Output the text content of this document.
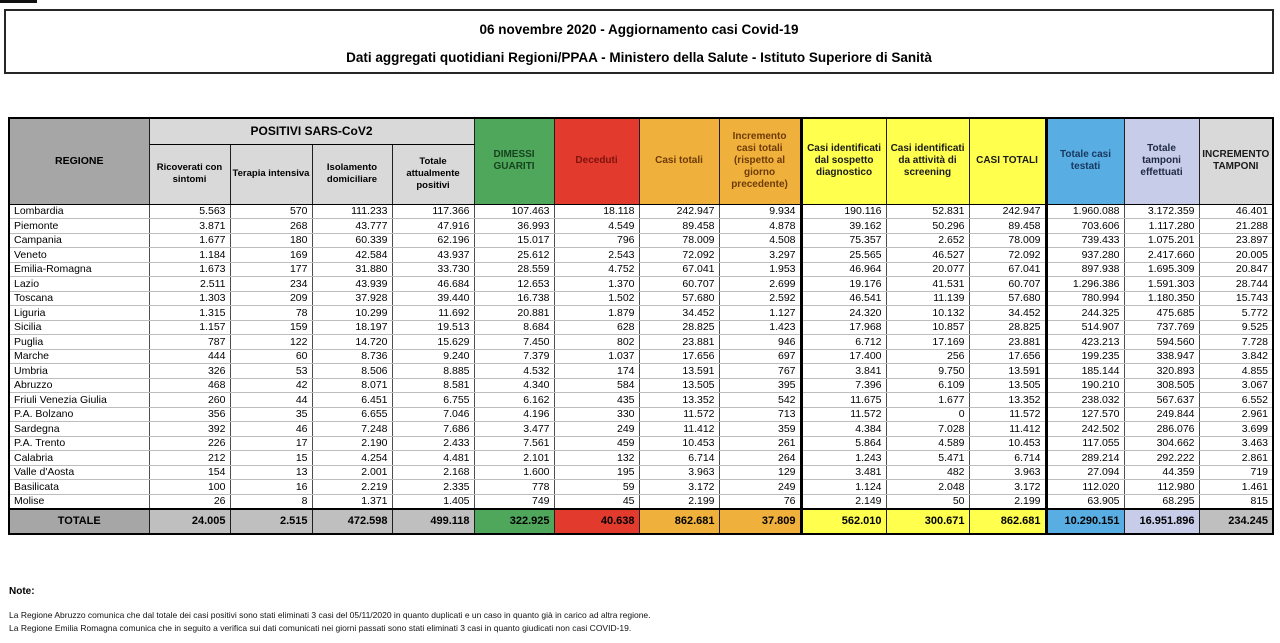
06 novembre 2020 - Aggiornamento casi Covid-19
Dati aggregati quotidiani Regioni/PPAA - Ministero della Salute - Istituto Superiore di Sanità
REGIONE	POSITIVI SARS-CoV2				DIMESSI GUARITI	Deceduti	Casi totali	Incremento casi totali (rispetto al giorno precedente)	Casi identificati dal sospetto diagnostico	Casi identificati da attività di screening	CASI TOTALI	Totale casi testati	Totale tamponi effettuati	INCREMENTO TAMPONI
	Ricoverati con sintomi	Terapia intensiva	Isolamento domiciliare	Totale attualmente positivi										
Lombardia	5.563	570	111.233	117.366	107.463	18.118	242.947	9.934	190.116	52.831	242.947	1.960.088	3.172.359	46.401
Piemonte	3.871	268	43.777	47.916	36.993	4.549	89.458	4.878	39.162	50.296	89.458	703.606	1.117.280	21.288
Campania	1.677	180	60.339	62.196	15.017	796	78.009	4.508	75.357	2.652	78.009	739.433	1.075.201	23.897
Veneto	1.184	169	42.584	43.937	25.612	2.543	72.092	3.297	25.565	46.527	72.092	937.280	2.417.660	20.005
Emilia-Romagna	1.673	177	31.880	33.730	28.559	4.752	67.041	1.953	46.964	20.077	67.041	897.938	1.695.309	20.847
Lazio	2.511	234	43.939	46.684	12.653	1.370	60.707	2.699	19.176	41.531	60.707	1.296.386	1.591.303	28.744
Toscana	1.303	209	37.928	39.440	16.738	1.502	57.680	2.592	46.541	11.139	57.680	780.994	1.180.350	15.743
Liguria	1.315	78	10.299	11.692	20.881	1.879	34.452	1.127	24.320	10.132	34.452	244.325	475.685	5.772
Sicilia	1.157	159	18.197	19.513	8.684	628	28.825	1.423	17.968	10.857	28.825	514.907	737.769	9.525
Puglia	787	122	14.720	15.629	7.450	802	23.881	946	6.712	17.169	23.881	423.213	594.560	7.728
Marche	444	60	8.736	9.240	7.379	1.037	17.656	697	17.400	256	17.656	199.235	338.947	3.842
Umbria	326	53	8.506	8.885	4.532	174	13.591	767	3.841	9.750	13.591	185.144	320.893	4.855
Abruzzo	468	42	8.071	8.581	4.340	584	13.505	395	7.396	6.109	13.505	190.210	308.505	3.067
Friuli Venezia Giulia	260	44	6.451	6.755	6.162	435	13.352	542	11.675	1.677	13.352	238.032	567.637	6.552
P.A. Bolzano	356	35	6.655	7.046	4.196	330	11.572	713	11.572	0	11.572	127.570	249.844	2.961
Sardegna	392	46	7.248	7.686	3.477	249	11.412	359	4.384	7.028	11.412	242.502	286.076	3.699
P.A. Trento	226	17	2.190	2.433	7.561	459	10.453	261	5.864	4.589	10.453	117.055	304.662	3.463
Calabria	212	15	4.254	4.481	2.101	132	6.714	264	1.243	5.471	6.714	289.214	292.222	2.861
Valle d'Aosta	154	13	2.001	2.168	1.600	195	3.963	129	3.481	482	3.963	27.094	44.359	719
Basilicata	100	16	2.219	2.335	778	59	3.172	249	1.124	2.048	3.172	112.020	112.980	1.461
Molise	26	8	1.371	1.405	749	45	2.199	76	2.149	50	2.199	63.905	68.295	815
TOTALE	24.005	2.515	472.598	499.118	322.925	40.638	862.681	37.809	562.010	300.671	862.681	10.290.151	16.951.896	234.245
Note:
La Regione Abruzzo comunica che dal totale dei casi positivi sono stati eliminati 3 casi del 05/11/2020 in quanto duplicati e un caso in quanto già in carico ad altra regione.
La Regione Emilia Romagna comunica che in seguito a verifica sui dati comunicati nei giorni passati sono stati eliminati 3 casi in quanto giudicati non casi COVID-19.
